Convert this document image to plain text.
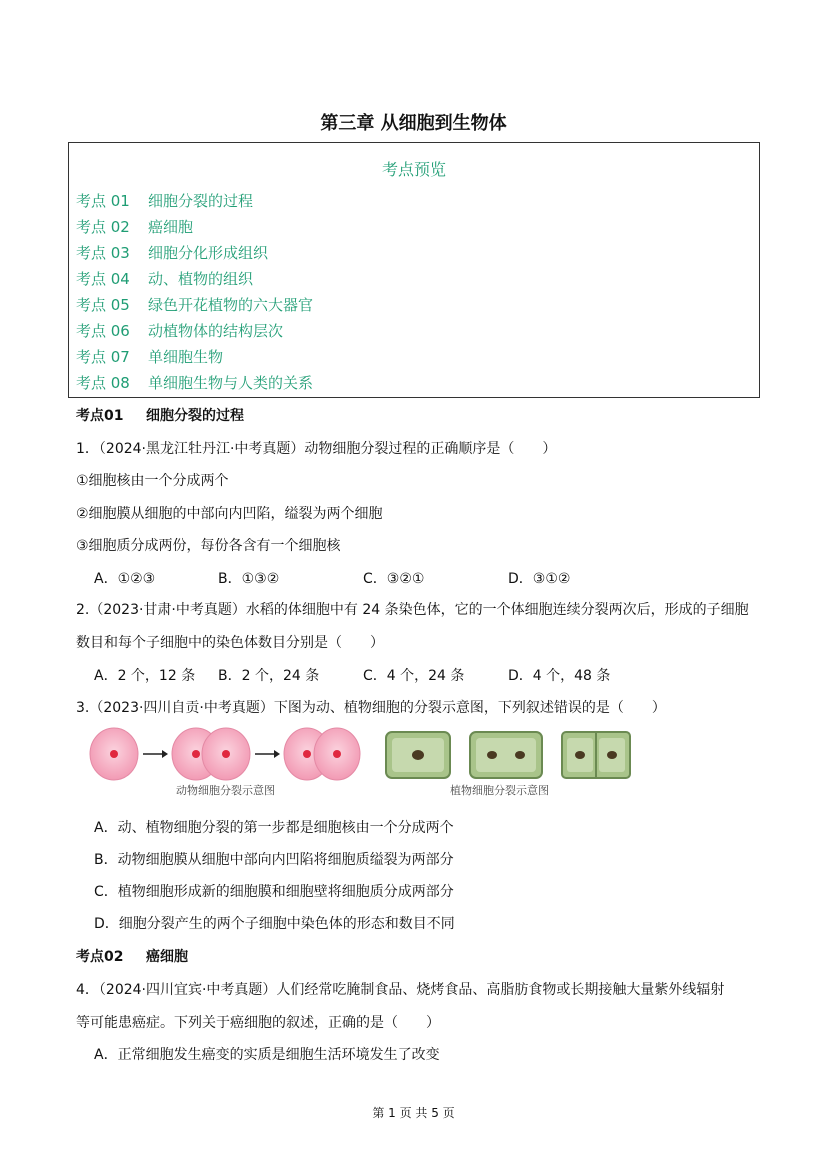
第三章 从细胞到生物体
考点预览
考点 01 细胞分裂的过程
考点 02 癌细胞
考点 03 细胞分化形成组织
考点 04 动、植物的组织
考点 05 绿色开花植物的六大器官
考点 06 动植物体的结构层次
考点 07 单细胞生物
考点 08 单细胞生物与人类的关系
考点01 细胞分裂的过程
1．（2024·黑龙江牡丹江·中考真题）动物细胞分裂过程的正确顺序是（　　）
①细胞核由一个分成两个
②细胞膜从细胞的中部向内凹陷，缢裂为两个细胞
③细胞质分成两份，每份各含有一个细胞核
A．①②③	B．①③②	C．③②①	D．③①②
2.（2023·甘肃·中考真题）水稻的体细胞中有 24 条染色体，它的一个体细胞连续分裂两次后，形成的子细胞
数目和每个子细胞中的染色体数目分别是（　　）
A．2 个，12 条 B．2 个，24 条	C．4 个，24 条	D．4 个，48 条
3.（2023·四川自贡·中考真题）下图为动、植物细胞的分裂示意图，下列叙述错误的是（　　）
动物细胞分裂示意图	植物细胞分裂示意图
A．动、植物细胞分裂的第一步都是细胞核由一个分成两个
B．动物细胞膜从细胞中部向内凹陷将细胞质缢裂为两部分
C．植物细胞形成新的细胞膜和细胞壁将细胞质分成两部分
D．细胞分裂产生的两个子细胞中染色体的形态和数目不同
考点02 癌细胞
4．（2024·四川宜宾·中考真题）人们经常吃腌制食品、烧烤食品、高脂肪食物或长期接触大量紫外线辐射
等可能患癌症。下列关于癌细胞的叙述，正确的是（　　）
A．正常细胞发生癌变的实质是细胞生活环境发生了改变
第 1 页 共 5 页
